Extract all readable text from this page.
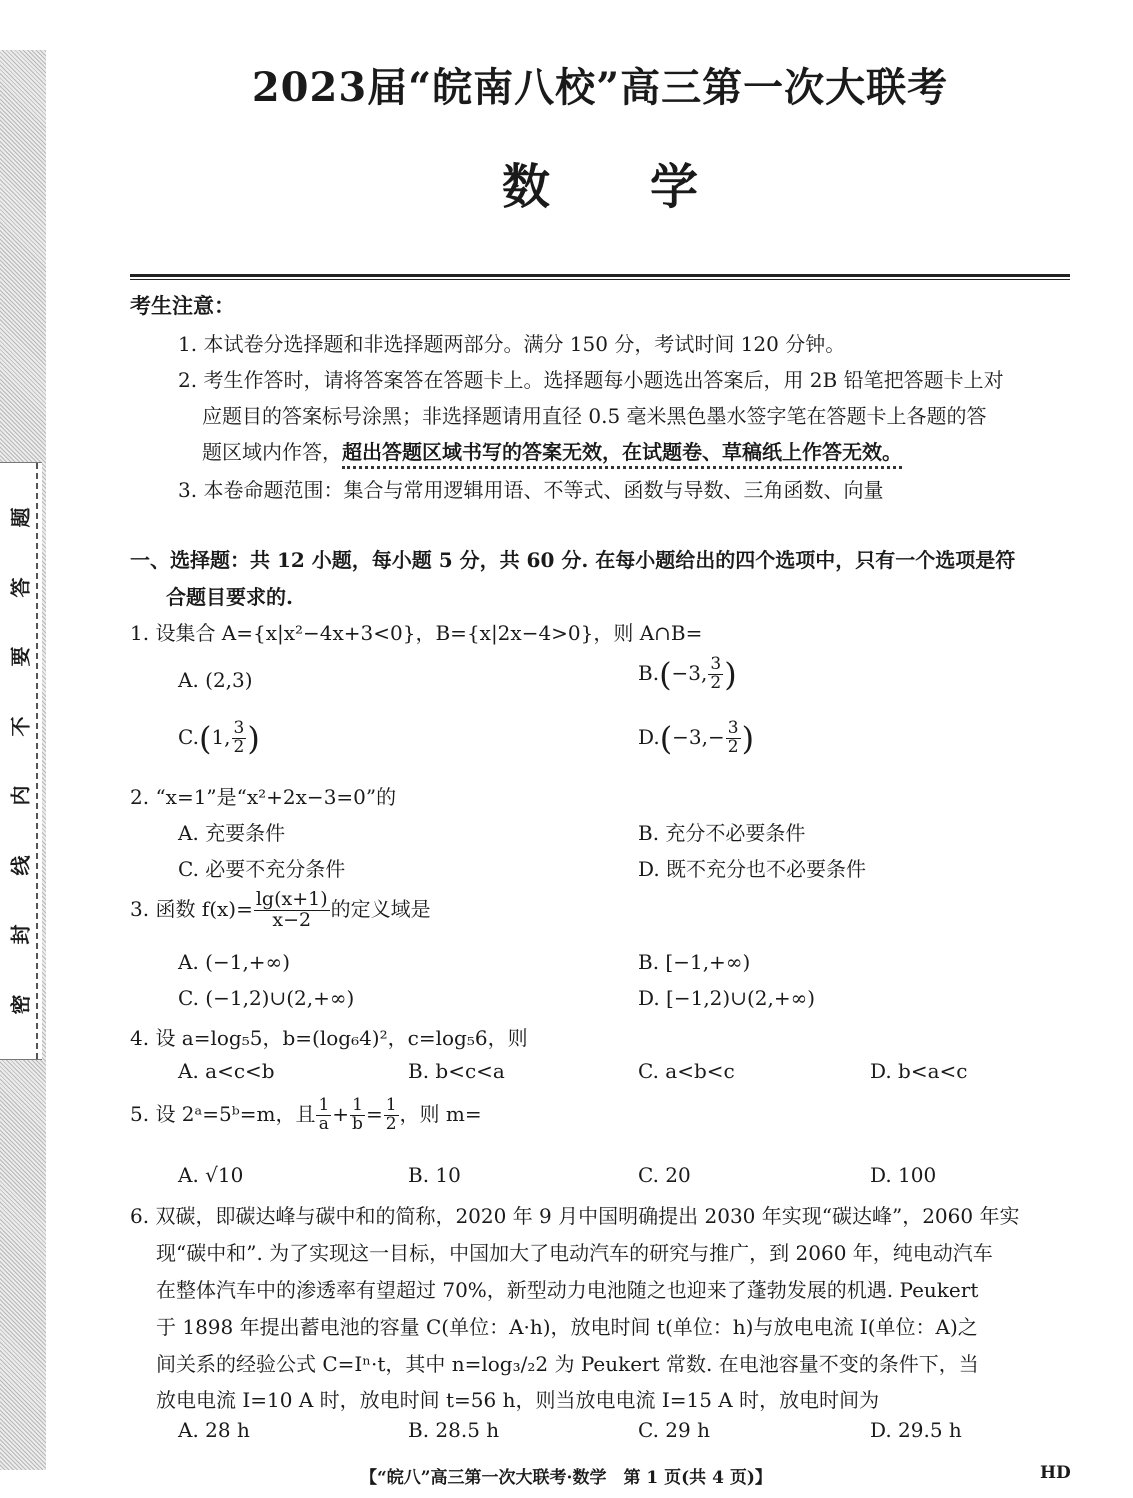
题
答
要
不
内
线
封
密
2023届“皖南八校”高三第一次大联考
数学
考生注意：
1. 本试卷分选择题和非选择题两部分。满分 150 分，考试时间 120 分钟。
2. 考生作答时，请将答案答在答题卡上。选择题每小题选出答案后，用 2B 铅笔把答题卡上对
应题目的答案标号涂黑；非选择题请用直径 0.5 毫米黑色墨水签字笔在答题卡上各题的答
题区域内作答，超出答题区域书写的答案无效，在试题卷、草稿纸上作答无效。
3. 本卷命题范围：集合与常用逻辑用语、不等式、函数与导数、三角函数、向量
一、选择题：共 12 小题，每小题 5 分，共 60 分. 在每小题给出的四个选项中，只有一个选项是符
合题目要求的.
1. 设集合 A={x|x²−4x+3<0}，B={x|2x−4>0}，则 A∩B=
A. (2,3)	B.(−3, $\frac{3}{2}$ )
C.(1, $\frac{3}{2}$ )	$D.(-3,- \frac{3}{2}$ )
2. “x=1”是“x²+2x−3=0”的
A. 充要条件	B. 充分不必要条件
C. 必要不充分条件	D. 既不充分也不必要条件
3. 函数 $f(x)= \frac{\lg(x+1)}{x-2}$ 的定义域是
A. (−1,+∞)	B. [−1,+∞)
C. (−1,2)∪(2,+∞)	D. [−1,2)∪(2,+∞)
4. 设 a=log₅5，b=(log₆4)²，c=log₅6，则
A. a<c<b	B. b<c<a	C. a<b<c	D. b<a<c
5. 设 2ᵃ=5ᵇ=m，且 $\frac{1}{a} + \frac{1}{b} = \frac{1}{2}$ ，则 m=
A. √10	B. 10	C. 20	D. 100
6. 双碳，即碳达峰与碳中和的简称，2020 年 9 月中国明确提出 2030 年实现“碳达峰”，2060 年实
现“碳中和”. 为了实现这一目标，中国加大了电动汽车的研究与推广，到 2060 年，纯电动汽车
在整体汽车中的渗透率有望超过 70%，新型动力电池随之也迎来了蓬勃发展的机遇. Peukert
于 1898 年提出蓄电池的容量 C(单位：A·h)，放电时间 t(单位：h)与放电电流 I(单位：A)之
间关系的经验公式 C=Iⁿ·t，其中 n=log₃/₂2 为 Peukert 常数. 在电池容量不变的条件下，当
放电电流 I=10 A 时，放电时间 t=56 h，则当放电电流 I=15 A 时，放电时间为
A. 28 h	B. 28.5 h	C. 29 h	D. 29.5 h
【“皖八”高三第一次大联考·数学　第 1 页(共 4 页)】	HD
